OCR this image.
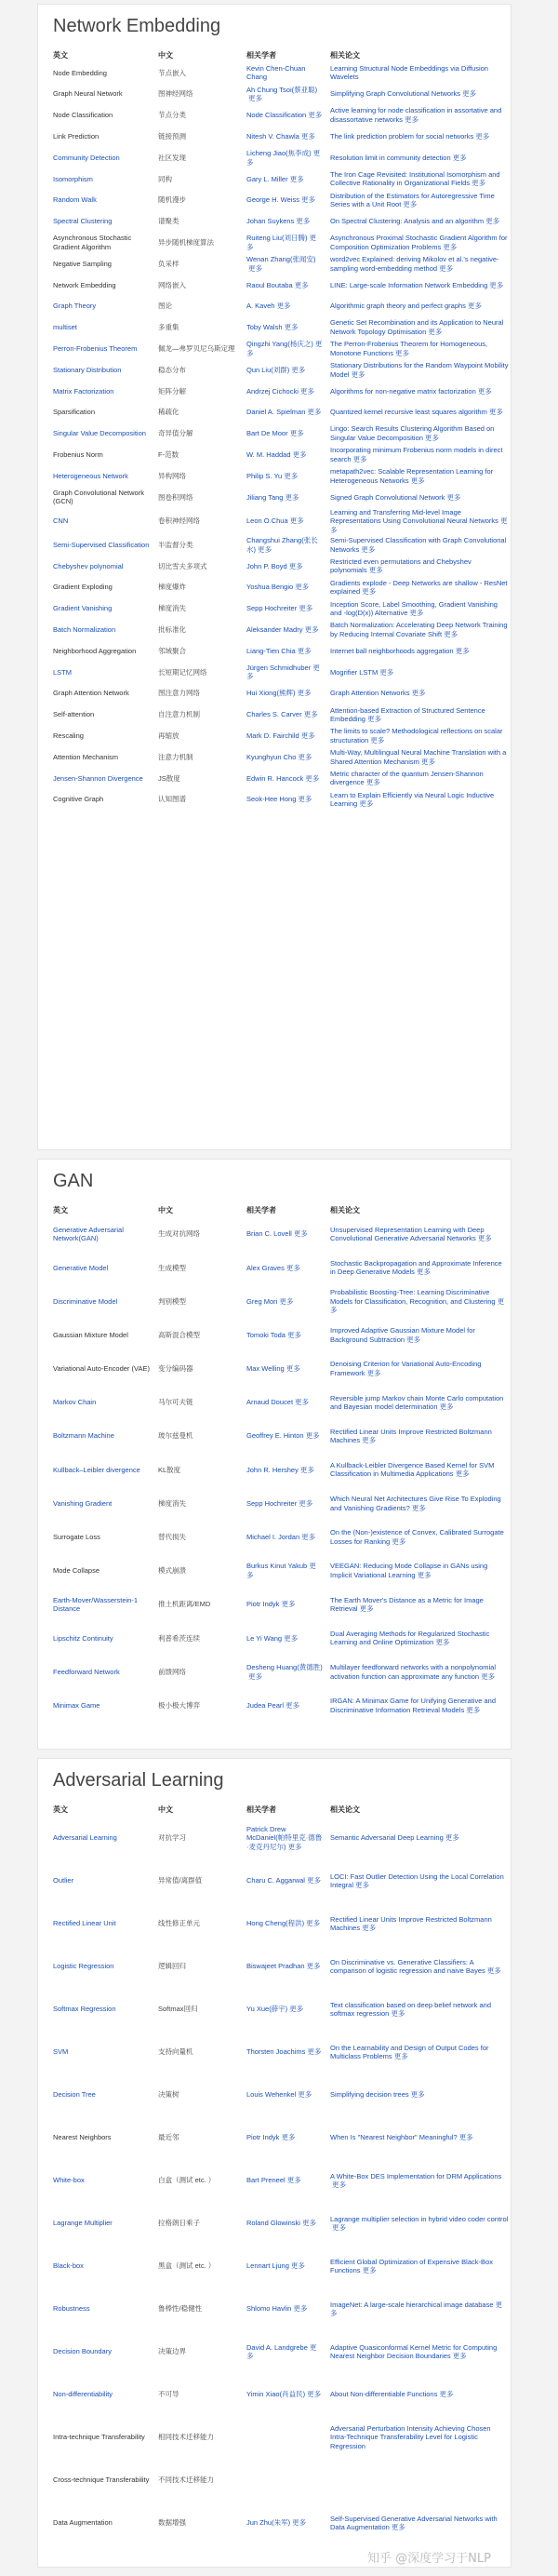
Network Embedding
英文	中文	相关学者	相关论文
Node Embedding	节点嵌入	Kevin Chen-Chuan Chang	Learning Structural Node Embeddings via Diffusion Wavelets
Graph Neural Network	图神经网络	Ah Chung Tsoi(蔡亚聪)更多	Simplifying Graph Convolutional Networks 更多
Node Classification	节点分类	Node Classification 更多	Active learning for node classification in assortative and disassortative networks 更多
Link Prediction	链接预测	Nitesh V. Chawla 更多	The link prediction problem for social networks 更多
Community Detection	社区发现	Licheng Jiao(焦李成) 更多	Resolution limit in community detection 更多
Isomorphism	同构	Gary L. Miller 更多	The Iron Cage Revisited: Institutional Isomorphism and Collective Rationality in Organizational Fields 更多
Random Walk	随机漫步	George H. Weiss 更多	Distribution of the Estimators for Autoregressive Time Series with a Unit Root 更多
Spectral Clustering	谱聚类	Johan Suykens 更多	On Spectral Clustering: Analysis and an algorithm 更多
Asynchronous Stochastic Gradient Algorithm	异步随机梯度算法	Ruiteng Liu(刘日腾) 更多	Asynchronous Proximal Stochastic Gradient Algorithm for Composition Optimization Problems 更多
Negative Sampling	负采样	Wenan Zhang(张闻安)更多	word2vec Explained: deriving Mikolov et al.'s negative-sampling word-embedding method 更多
Network Embedding	网络嵌入	Raoul Boutaba 更多	LINE: Large-scale Information Network Embedding 更多
Graph Theory	图论	A. Kaveh 更多	Algorithmic graph theory and perfect graphs 更多
multiset	多重集	Toby Walsh 更多	Genetic Set Recombination and its Application to Neural Network Topology Optimisation 更多
Perron-Frobenius Theorem	佩龙—弗罗贝尼乌斯定理	Qingzhi Yang(杨庆之) 更多	The Perron-Frobenius Theorem for Homogeneous, Monotone Functions 更多
Stationary Distribution	稳态分布	Qun Liu(刘群) 更多	Stationary Distributions for the Random Waypoint Mobility Model 更多
Matrix Factorization	矩阵分解	Andrzej Cichocki 更多	Algorithms for non-negative matrix factorization 更多
Sparsification	稀疏化	Daniel A. Spielman 更多	Quantized kernel recursive least squares algorithm 更多
Singular Value Decomposition	奇异值分解	Bart De Moor 更多	Lingo: Search Results Clustering Algorithm Based on Singular Value Decomposition 更多
Frobenius Norm	F-范数	W. M. Haddad 更多	Incorporating minimum Frobenius norm models in direct search 更多
Heterogeneous Network	异构网络	Philip S. Yu 更多	metapath2vec: Scalable Representation Learning for Heterogeneous Networks 更多
Graph Convolutional Network (GCN)	图卷积网络	Jiliang Tang 更多	Signed Graph Convolutional Network 更多
CNN	卷积神经网络	Leon O.Chua 更多	Learning and Transferring Mid-level Image Representations Using Convolutional Neural Networks 更多
Semi-Supervised Classification	半监督分类	Changshui Zhang(张长水) 更多	Semi-Supervised Classification with Graph Convolutional Networks 更多
Chebyshev polynomial	切比雪夫多项式	John P. Boyd 更多	Restricted even permutations and Chebyshev polynomials 更多
Gradient Exploding	梯度爆炸	Yoshua Bengio 更多	Gradients explode - Deep Networks are shallow - ResNet explained 更多
Gradient Vanishing	梯度消失	Sepp Hochreiter 更多	Inception Score, Label Smoothing, Gradient Vanishing and -log(D(x)) Alternative 更多
Batch Normalization	批标准化	Aleksander Madry 更多	Batch Normalization: Accelerating Deep Network Training by Reducing Internal Covariate Shift 更多
Neighborhood Aggregation	邻域聚合	Liang-Tien Chia 更多	Internet ball neighborhoods aggregation 更多
LSTM	长短期记忆网络	Jürgen Schmidhuber 更多	Mogrifier LSTM 更多
Graph Attention Network	图注意力网络	Hui Xiong(熊辉) 更多	Graph Attention Networks 更多
Self-attention	自注意力机制	Charles S. Carver 更多	Attention-based Extraction of Structured Sentence Embedding 更多
Rescaling	再缩放	Mark D. Fairchild 更多	The limits to scale? Methodological reflections on scalar structuration 更多
Attention Mechanism	注意力机制	Kyunghyun Cho 更多	Multi-Way, Multilingual Neural Machine Translation with a Shared Attention Mechanism 更多
Jensen-Shannon Divergence	JS散度	Edwin R. Hancock 更多	Metric character of the quantum Jensen-Shannon divergence 更多
Cognitive Graph	认知图谱	Seok-Hee Hong 更多	Learn to Explain Efficiently via Neural Logic Inductive Learning 更多
GAN
英文	中文	相关学者	相关论文
Generative Adversarial Network(GAN)	生成对抗网络	Brian C. Lovell 更多	Unsupervised Representation Learning with Deep Convolutional Generative Adversarial Networks 更多
Generative Model	生成模型	Alex Graves 更多	Stochastic Backpropagation and Approximate Inference in Deep Generative Models 更多
Discriminative Model	判别模型	Greg Mori 更多	Probabilistic Boosting-Tree: Learning Discriminative Models for Classification, Recognition, and Clustering 更多
Gaussian Mixture Model	高斯混合模型	Tomoki Toda 更多	Improved Adaptive Gaussian Mixture Model for Background Subtraction 更多
Variational Auto-Encoder (VAE)	变分编码器	Max Welling 更多	Denoising Criterion for Variational Auto-Encoding Framework 更多
Markov Chain	马尔可夫链	Arnaud Doucet 更多	Reversible jump Markov chain Monte Carlo computation and Bayesian model determination 更多
Boltzmann Machine	玻尔兹曼机	Geoffrey E. Hinton 更多	Rectified Linear Units Improve Restricted Boltzmann Machines 更多
Kullback–Leibler divergence	KL散度	John R. Hershey 更多	A Kullback-Leibler Divergence Based Kernel for SVM Classification in Multimedia Applications 更多
Vanishing Gradient	梯度消失	Sepp Hochreiter 更多	Which Neural Net Architectures Give Rise To Exploding and Vanishing Gradients? 更多
Surrogate Loss	替代损失	Michael I. Jordan 更多	On the (Non-)existence of Convex, Calibrated Surrogate Losses for Ranking 更多
Mode Collapse	模式崩溃	Burkus Kinut Yakub 更多	VEEGAN: Reducing Mode Collapse in GANs using Implicit Variational Learning 更多
Earth-Mover/Wasserstein-1 Distance	推土机距离/EMD	Piotr Indyk 更多	The Earth Mover's Distance as a Metric for Image Retrieval 更多
Lipschitz Continuity	利普希茨连续	Le Yi Wang 更多	Dual Averaging Methods for Regularized Stochastic Learning and Online Optimization 更多
Feedforward Network	前馈网络	Desheng Huang(黄德胜)更多	Multilayer feedforward networks with a nonpolynomial activation function can approximate any function 更多
Minimax Game	极小极大博弈	Judea Pearl 更多	IRGAN: A Minimax Game for Unifying Generative and Discriminative Information Retrieval Models 更多
Adversarial Learning
英文	中文	相关学者	相关论文
Adversarial Learning	对抗学习	Patrick Drew McDaniel(帕特里克·德鲁·麦克丹尼尔) 更多	Semantic Adversarial Deep Learning 更多
Outlier	异常值/离群值	Charu C. Aggarwal 更多	LOCI: Fast Outlier Detection Using the Local Correlation Integral 更多
Rectified Linear Unit	线性修正单元	Hong Cheng(程洪) 更多	Rectified Linear Units Improve Restricted Boltzmann Machines 更多
Logistic Regression	逻辑回归	Biswajeet Pradhan 更多	On Discriminative vs. Generative Classifiers: A comparison of logistic regression and naive Bayes 更多
Softmax Regression	Softmax回归	Yu Xue(薛宇) 更多	Text classification based on deep belief network and softmax regression 更多
SVM	支持向量机	Thorsten Joachims 更多	On the Learnability and Design of Output Codes for Multiclass Problems 更多
Decision Tree	决策树	Louis Wehenkel 更多	Simplifying decision trees 更多
Nearest Neighbors	最近邻	Piotr Indyk 更多	When Is "Nearest Neighbor" Meaningful? 更多
White-box	白盒（测试 etc. ）	Bart Preneel 更多	A White-Box DES Implementation for DRM Applications更多
Lagrange Multiplier	拉格朗日乘子	Roland Glowinski 更多	Lagrange multiplier selection in hybrid video coder control更多
Black-box	黑盒（测试 etc. ）	Lennart Ljung 更多	Efficient Global Optimization of Expensive Black-Box Functions 更多
Robustness	鲁棒性/稳健性	Shlomo Havlin 更多	ImageNet: A large-scale hierarchical image database 更多
Decision Boundary	决策边界	David A. Landgrebe 更多	Adaptive Quasiconformal Kernel Metric for Computing Nearest Neighbor Decision Boundaries 更多
Non-differentiability	不可导	Yimin Xiao(肖益民) 更多	About Non-differentiable Functions 更多
Intra-technique Transferability	相同技术迁移能力		Adversarial Perturbation Intensity Achieving Chosen Intra-Technique Transferability Level for Logistic Regression
Cross-technique Transferability	不同技术迁移能力		
Data Augmentation	数据增强	Jun Zhu(朱军) 更多	Self-Supervised Generative Adversarial Networks with Data Augmentation 更多
知乎 @深度学习于NLP
